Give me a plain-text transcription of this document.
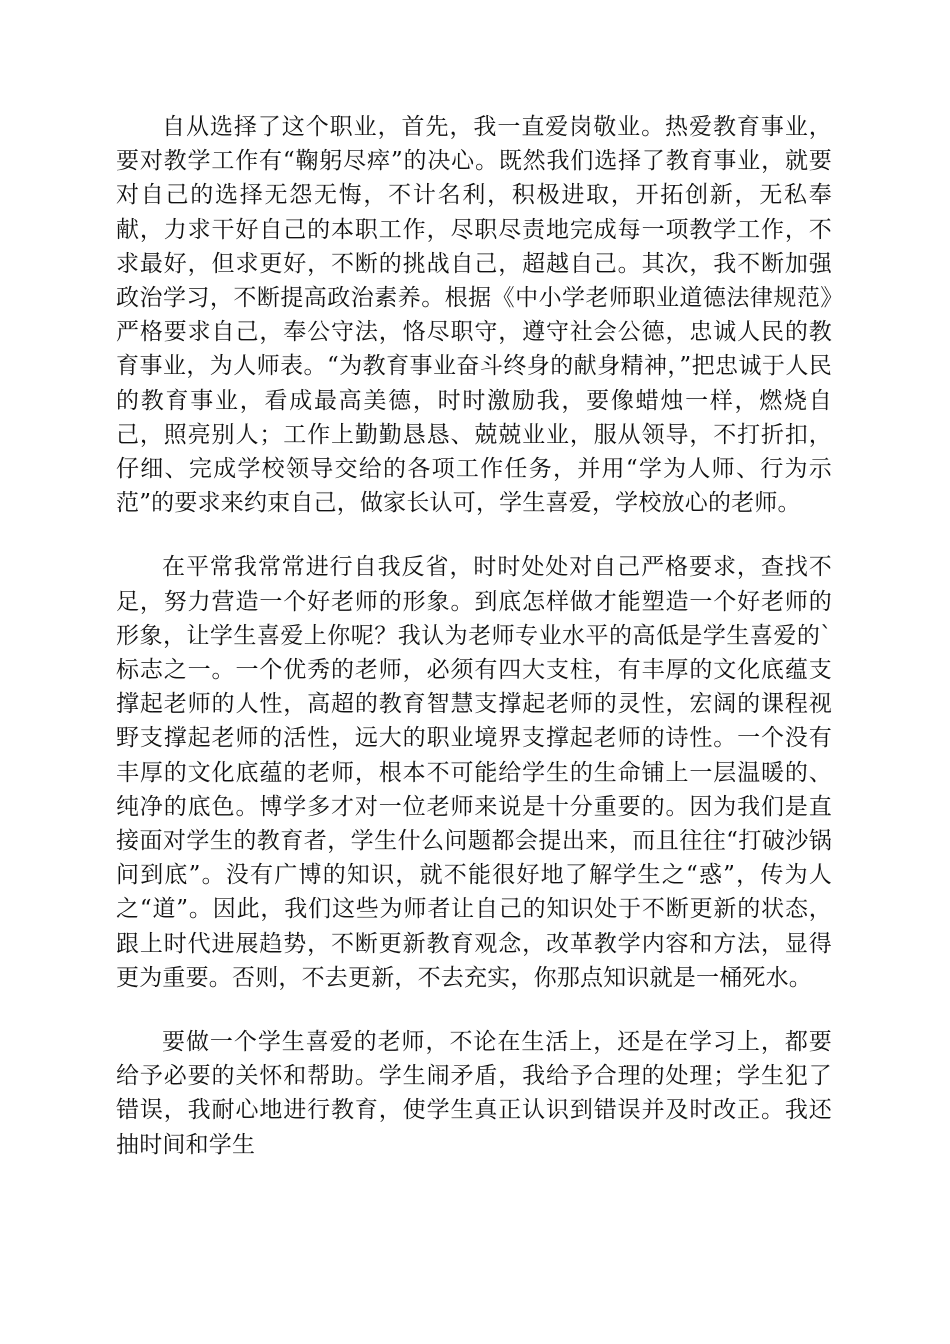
自从选择了这个职业，首先，我一直爱岗敬业。热爱教育事业，要对教学工作有“鞠躬尽瘁”的决心。既然我们选择了教育事业，就要对自己的选择无怨无悔，不计名利，积极进取，开拓创新，无私奉献，力求干好自己的本职工作，尽职尽责地完成每一项教学工作，不求最好，但求更好，不断的挑战自己，超越自己。其次，我不断加强政治学习，不断提高政治素养。根据《中小学老师职业道德法律规范》严格要求自己，奉公守法，恪尽职守，遵守社会公德，忠诚人民的教育事业，为人师表。“为教育事业奋斗终身的献身精神，”把忠诚于人民的教育事业，看成最高美德，时时激励我，要像蜡烛一样，燃烧自己，照亮别人；工作上勤勤恳恳、兢兢业业，服从领导，不打折扣，仔细、完成学校领导交给的各项工作任务，并用“学为人师、行为示范”的要求来约束自己，做家长认可，学生喜爱，学校放心的老师。

在平常我常常进行自我反省，时时处处对自己严格要求，查找不足，努力营造一个好老师的形象。到底怎样做才能塑造一个好老师的形象，让学生喜爱上你呢？我认为老师专业水平的高低是学生喜爱的`标志之一。一个优秀的老师，必须有四大支柱，有丰厚的文化底蕴支撑起老师的人性，高超的教育智慧支撑起老师的灵性，宏阔的课程视野支撑起老师的活性，远大的职业境界支撑起老师的诗性。一个没有丰厚的文化底蕴的老师，根本不可能给学生的生命铺上一层温暖的、纯净的底色。博学多才对一位老师来说是十分重要的。因为我们是直接面对学生的教育者，学生什么问题都会提出来，而且往往“打破沙锅问到底”。没有广博的知识，就不能很好地了解学生之“惑”，传为人之“道”。因此，我们这些为师者让自己的知识处于不断更新的状态，跟上时代进展趋势，不断更新教育观念，改革教学内容和方法，显得更为重要。否则，不去更新，不去充实，你那点知识就是一桶死水。

要做一个学生喜爱的老师，不论在生活上，还是在学习上，都要给予必要的关怀和帮助。学生闹矛盾，我给予合理的处理；学生犯了错误，我耐心地进行教育，使学生真正认识到错误并及时改正。我还抽时间和学生
